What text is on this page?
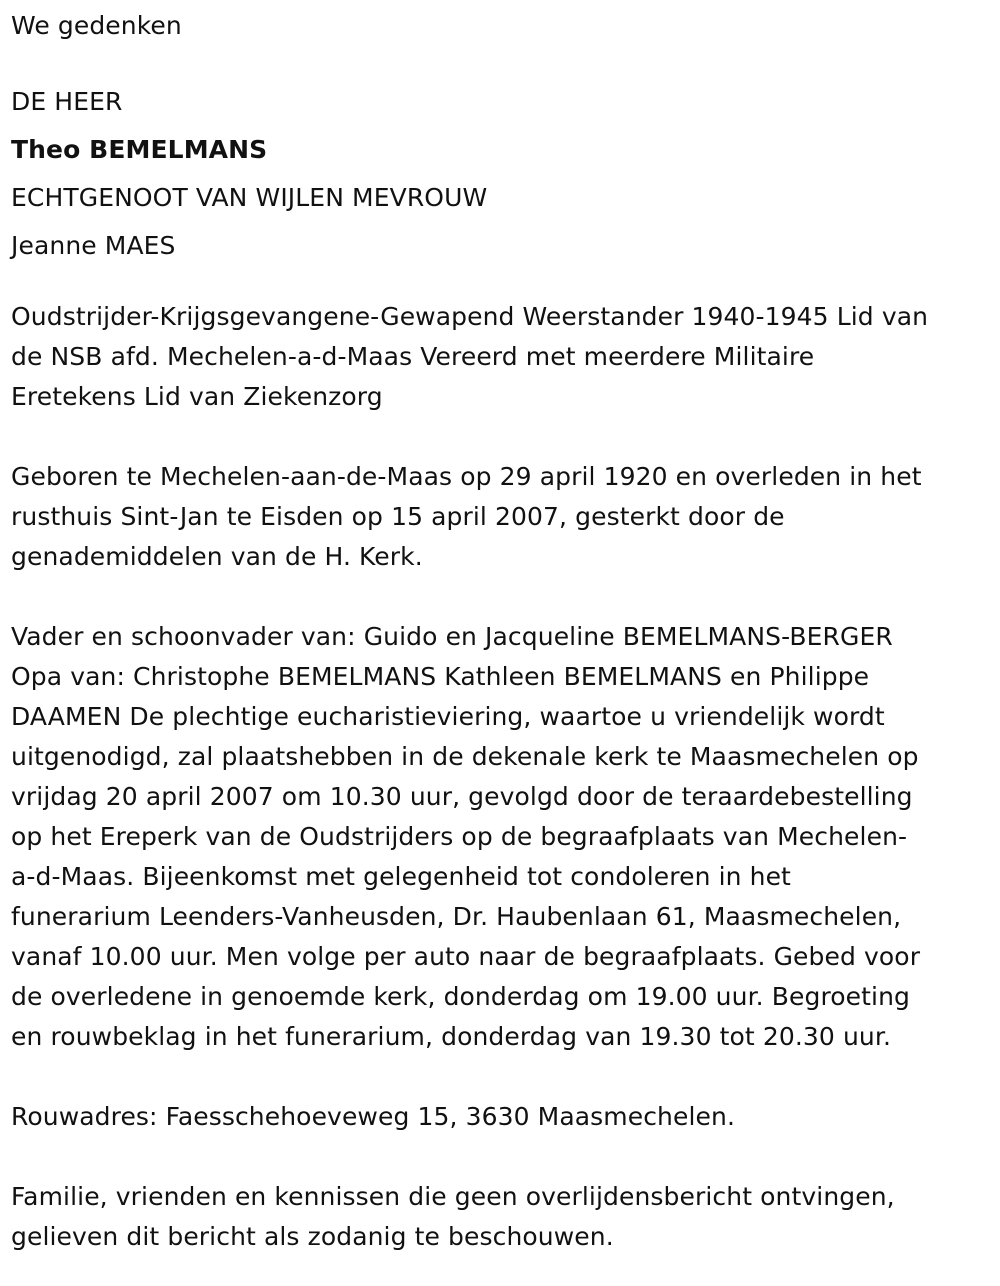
We gedenken
DE HEER
Theo BEMELMANS
ECHTGENOOT VAN WIJLEN MEVROUW
Jeanne MAES
Oudstrijder-Krijgsgevangene-Gewapend Weerstander 1940-1945 Lid van
de NSB afd. Mechelen-a-d-Maas Vereerd met meerdere Militaire
Eretekens Lid van Ziekenzorg
Geboren te Mechelen-aan-de-Maas op 29 april 1920 en overleden in het
rusthuis Sint-Jan te Eisden op 15 april 2007, gesterkt door de
genademiddelen van de H. Kerk.
Vader en schoonvader van: Guido en Jacqueline BEMELMANS-BERGER
Opa van: Christophe BEMELMANS Kathleen BEMELMANS en Philippe
DAAMEN De plechtige eucharistieviering, waartoe u vriendelijk wordt
uitgenodigd, zal plaatshebben in de dekenale kerk te Maasmechelen op
vrijdag 20 april 2007 om 10.30 uur, gevolgd door de teraardebestelling
op het Ereperk van de Oudstrijders op de begraafplaats van Mechelen-
a-d-Maas. Bijeenkomst met gelegenheid tot condoleren in het
funerarium Leenders-Vanheusden, Dr. Haubenlaan 61, Maasmechelen,
vanaf 10.00 uur. Men volge per auto naar de begraafplaats. Gebed voor
de overledene in genoemde kerk, donderdag om 19.00 uur. Begroeting
en rouwbeklag in het funerarium, donderdag van 19.30 tot 20.30 uur.
Rouwadres: Faesschehoeveweg 15, 3630 Maasmechelen.
Familie, vrienden en kennissen die geen overlijdensbericht ontvingen,
gelieven dit bericht als zodanig te beschouwen.
